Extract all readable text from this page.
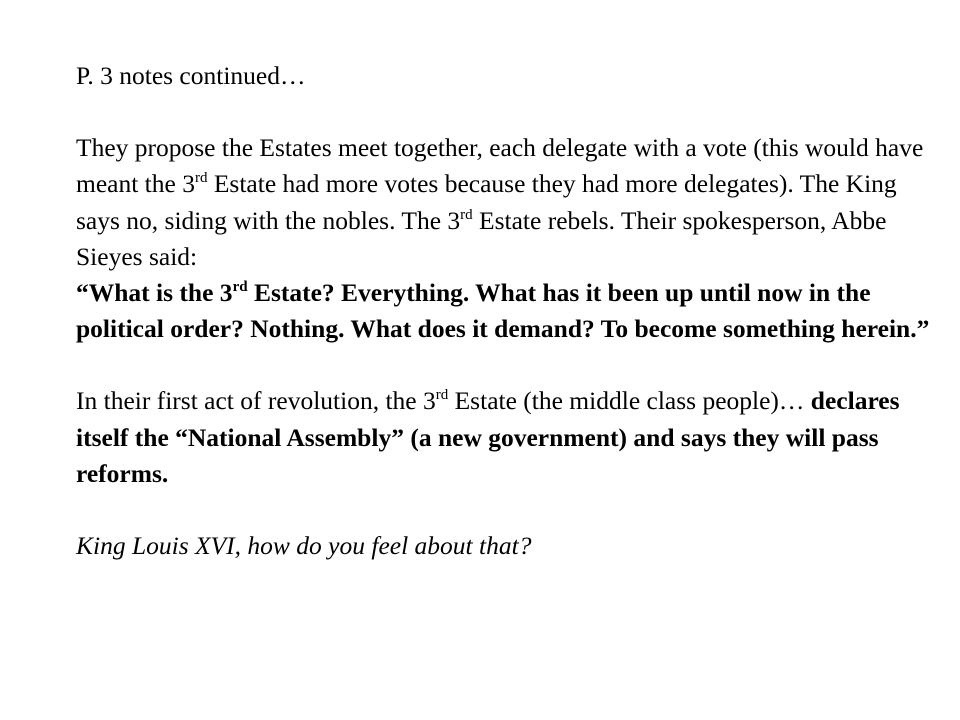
P. 3 notes continued…

They propose the Estates meet together, each delegate with a vote (this would have meant the 3rd Estate had more votes because they had more delegates). The King says no, siding with the nobles. The 3rd Estate rebels. Their spokesperson, Abbe Sieyes said:

“What is the 3rd Estate? Everything. What has it been up until now in the political order? Nothing. What does it demand? To become something herein.”

In their first act of revolution, the 3rd Estate (the middle class people)… declares itself the “National Assembly” (a new government) and says they will pass reforms.

King Louis XVI, how do you feel about that?
